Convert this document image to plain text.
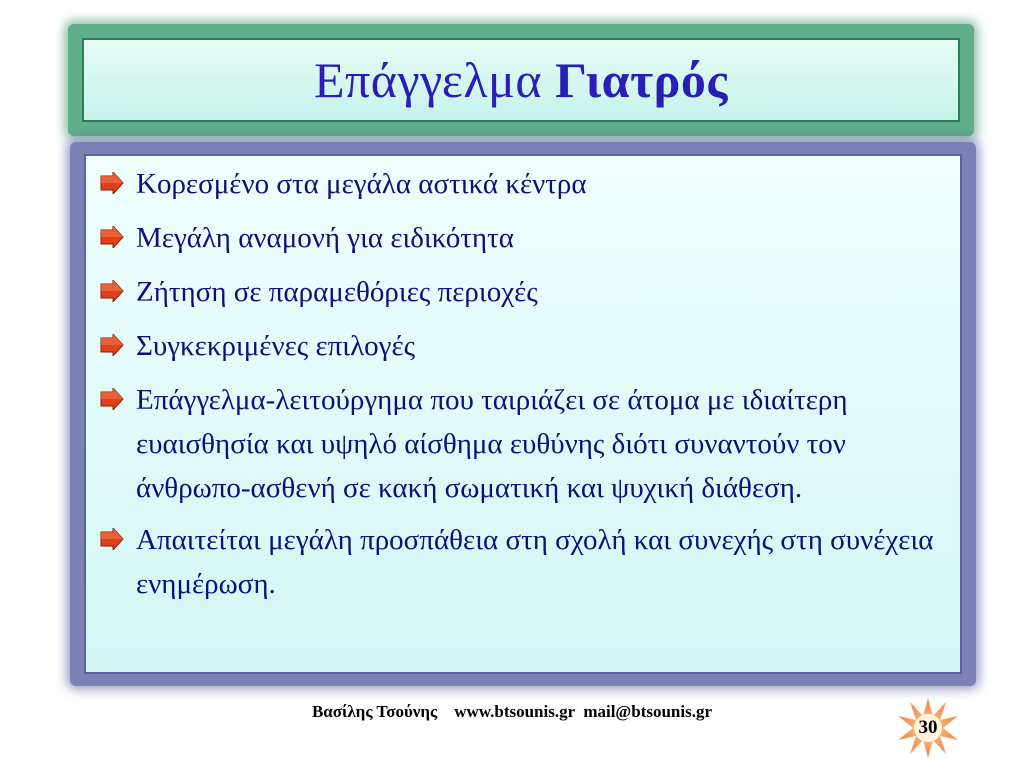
Επάγγελμα Γιατρός
Κορεσμένο στα μεγάλα αστικά κέντρα
Μεγάλη αναμονή για ειδικότητα
Ζήτηση σε παραμεθόριες περιοχές
Συγκεκριμένες επιλογές
Επάγγελμα-λειτούργημα που ταιριάζει σε άτομα με ιδιαίτερη ευαισθησία και υψηλό αίσθημα ευθύνης διότι συναντούν τον άνθρωπο-ασθενή σε κακή σωματική και ψυχική διάθεση.
Απαιτείται μεγάλη προσπάθεια στη σχολή και συνεχής στη συνέχεια ενημέρωση.
Βασίλης Τσούνης    www.btsounis.gr  mail@btsounis.gr
30
